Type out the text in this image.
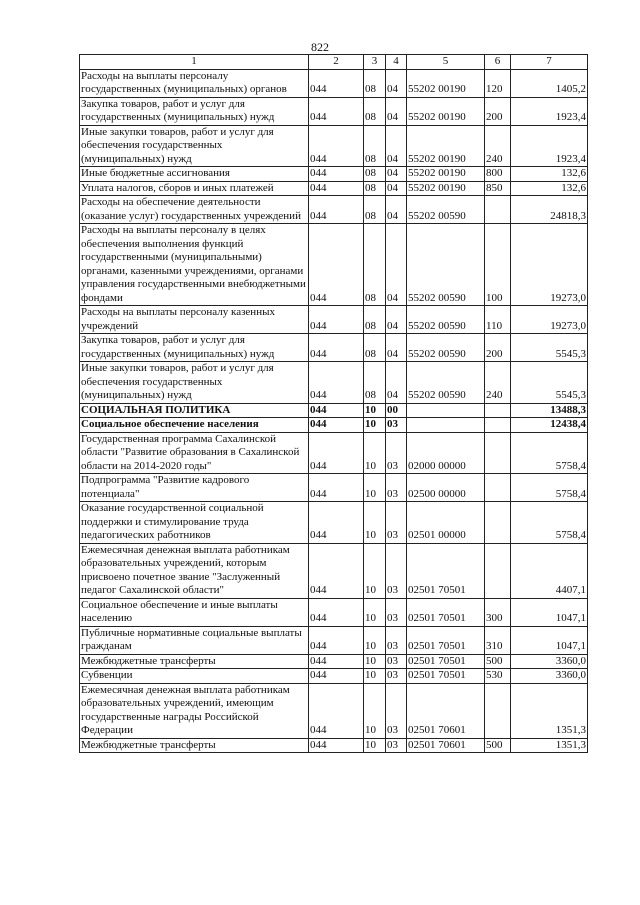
822
1	2	3	4	5	6	7
Расходы на выплаты персоналу государственных (муниципальных) органов	044	08	04	55202 00190	120	1405,2
Закупка товаров, работ и услуг для государственных (муниципальных) нужд	044	08	04	55202 00190	200	1923,4
Иные закупки товаров, работ и услуг для обеспечения государственных (муниципальных) нужд	044	08	04	55202 00190	240	1923,4
Иные бюджетные ассигнования	044	08	04	55202 00190	800	132,6
Уплата налогов, сборов и иных платежей	044	08	04	55202 00190	850	132,6
Расходы на обеспечение деятельности (оказание услуг) государственных учреждений	044	08	04	55202 00590		24818,3
Расходы на выплаты персоналу в целях обеспечения выполнения функций государственными (муниципальными) органами, казенными учреждениями, органами управления государственными внебюджетными фондами	044	08	04	55202 00590	100	19273,0
Расходы на выплаты персоналу казенных учреждений	044	08	04	55202 00590	110	19273,0
Закупка товаров, работ и услуг для государственных (муниципальных) нужд	044	08	04	55202 00590	200	5545,3
Иные закупки товаров, работ и услуг для обеспечения государственных (муниципальных) нужд	044	08	04	55202 00590	240	5545,3
СОЦИАЛЬНАЯ ПОЛИТИКА	044	10	00			13488,3
Социальное обеспечение населения	044	10	03			12438,4
Государственная программа Сахалинской области "Развитие образования в Сахалинской области на 2014-2020 годы"	044	10	03	02000 00000		5758,4
Подпрограмма "Развитие кадрового потенциала"	044	10	03	02500 00000		5758,4
Оказание государственной социальной поддержки и стимулирование труда педагогических работников	044	10	03	02501 00000		5758,4
Ежемесячная денежная выплата работникам образовательных учреждений, которым присвоено почетное звание "Заслуженный педагог Сахалинской области"	044	10	03	02501 70501		4407,1
Социальное обеспечение и иные выплаты населению	044	10	03	02501 70501	300	1047,1
Публичные нормативные социальные выплаты гражданам	044	10	03	02501 70501	310	1047,1
Межбюджетные трансферты	044	10	03	02501 70501	500	3360,0
Субвенции	044	10	03	02501 70501	530	3360,0
Ежемесячная денежная выплата работникам образовательных учреждений, имеющим государственные награды Российской Федерации	044	10	03	02501 70601		1351,3
Межбюджетные трансферты	044	10	03	02501 70601	500	1351,3
